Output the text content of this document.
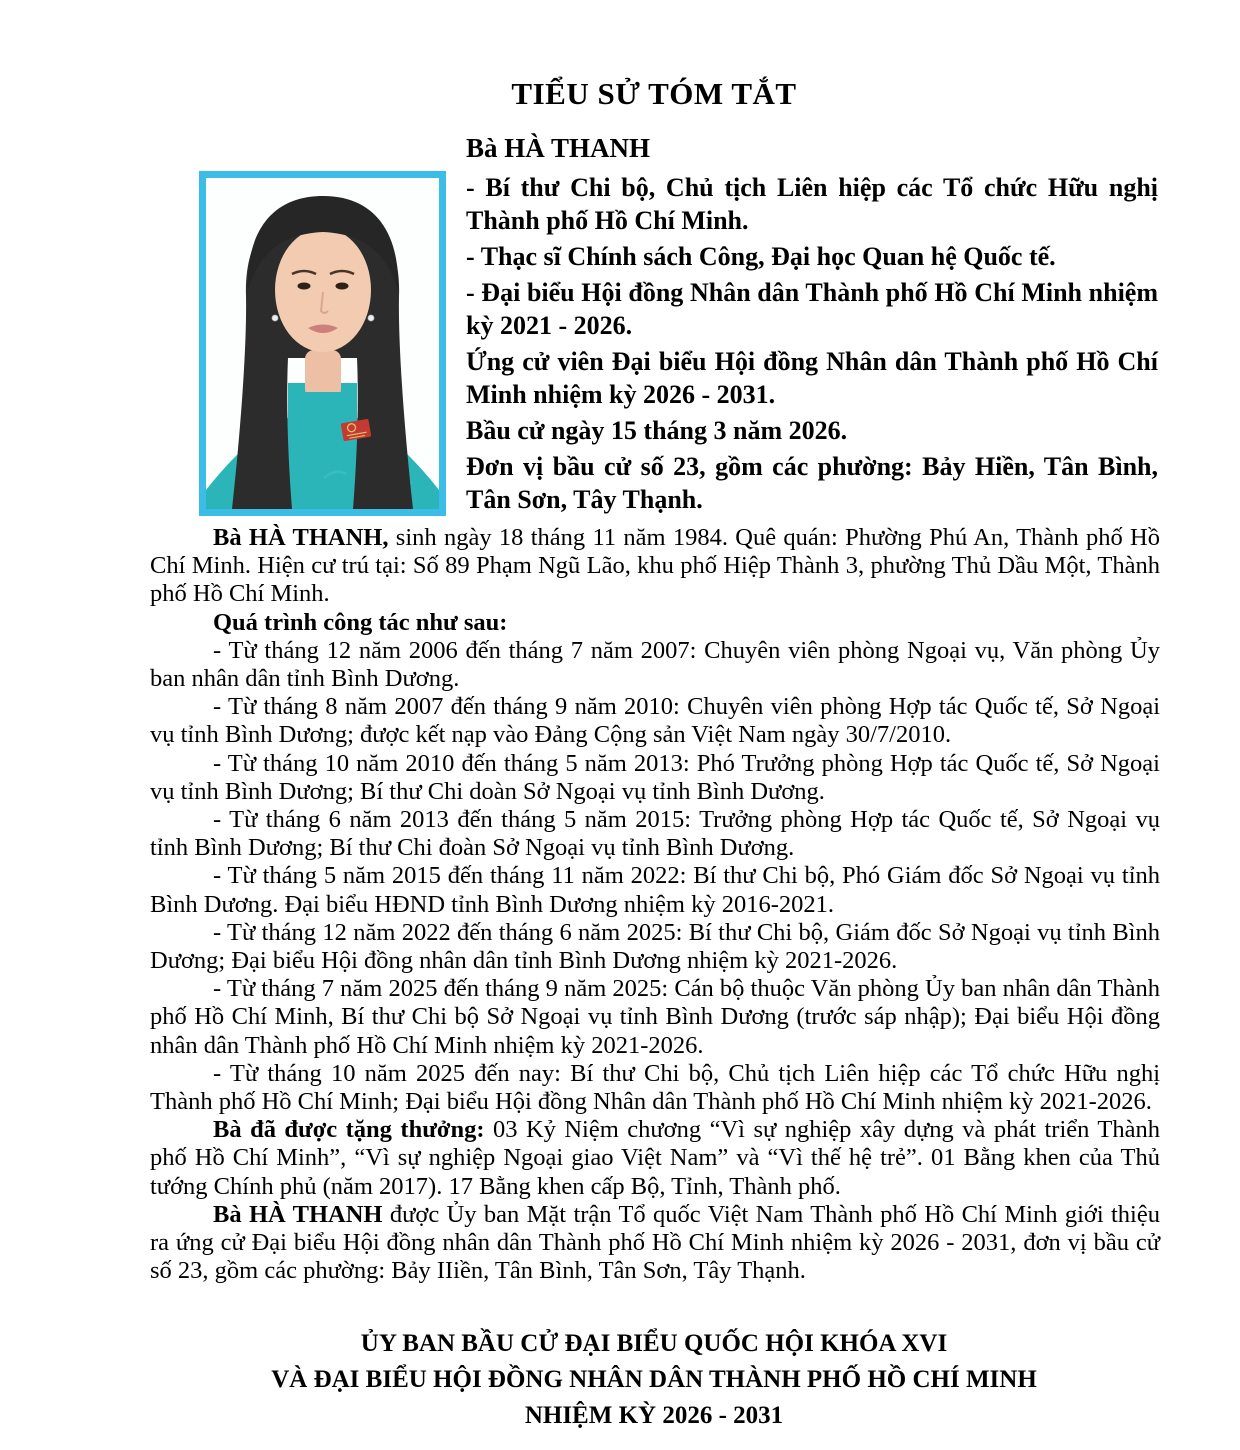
TIỂU SỬ TÓM TẮT

Bà HÀ THANH

- Bí thư Chi bộ, Chủ tịch Liên hiệp các Tổ chức Hữu nghị Thành phố Hồ Chí Minh.

- Thạc sĩ Chính sách Công, Đại học Quan hệ Quốc tế.

- Đại biểu Hội đồng Nhân dân Thành phố Hồ Chí Minh nhiệm kỳ 2021 - 2026.

Ứng cử viên Đại biểu Hội đồng Nhân dân Thành phố Hồ Chí Minh nhiệm kỳ 2026 - 2031.

Bầu cử ngày 15 tháng 3 năm 2026.

Đơn vị bầu cử số 23, gồm các phường: Bảy Hiền, Tân Bình, Tân Sơn, Tây Thạnh.

Bà HÀ THANH, sinh ngày 18 tháng 11 năm 1984. Quê quán: Phường Phú An, Thành phố Hồ Chí Minh. Hiện cư trú tại: Số 89 Phạm Ngũ Lão, khu phố Hiệp Thành 3, phường Thủ Dầu Một, Thành phố Hồ Chí Minh.

Quá trình công tác như sau:

- Từ tháng 12 năm 2006 đến tháng 7 năm 2007: Chuyên viên phòng Ngoại vụ, Văn phòng Ủy ban nhân dân tỉnh Bình Dương.

- Từ tháng 8 năm 2007 đến tháng 9 năm 2010: Chuyên viên phòng Hợp tác Quốc tế, Sở Ngoại vụ tỉnh Bình Dương; được kết nạp vào Đảng Cộng sản Việt Nam ngày 30/7/2010.

- Từ tháng 10 năm 2010 đến tháng 5 năm 2013: Phó Trưởng phòng Hợp tác Quốc tế, Sở Ngoại vụ tỉnh Bình Dương; Bí thư Chi doàn Sở Ngoại vụ tỉnh Bình Dương.

- Từ tháng 6 năm 2013 đến tháng 5 năm 2015: Trưởng phòng Hợp tác Quốc tế, Sở Ngoại vụ tỉnh Bình Dương; Bí thư Chi đoàn Sở Ngoại vụ tỉnh Bình Dương.

- Từ tháng 5 năm 2015 đến tháng 11 năm 2022: Bí thư Chi bộ, Phó Giám đốc Sở Ngoại vụ tỉnh Bình Dương. Đại biểu HĐND tỉnh Bình Dương nhiệm kỳ 2016-2021.

- Từ tháng 12 năm 2022 đến tháng 6 năm 2025: Bí thư Chi bộ, Giám đốc Sở Ngoại vụ tỉnh Bình Dương; Đại biểu Hội đồng nhân dân tỉnh Bình Dương nhiệm kỳ 2021-2026.

- Từ tháng 7 năm 2025 đến tháng 9 năm 2025: Cán bộ thuộc Văn phòng Ủy ban nhân dân Thành phố Hồ Chí Minh, Bí thư Chi bộ Sở Ngoại vụ tỉnh Bình Dương (trước sáp nhập); Đại biểu Hội đồng nhân dân Thành phố Hồ Chí Minh nhiệm kỳ 2021-2026.

- Từ tháng 10 năm 2025 đến nay: Bí thư Chi bộ, Chủ tịch Liên hiệp các Tổ chức Hữu nghị Thành phố Hồ Chí Minh; Đại biểu Hội đồng Nhân dân Thành phố Hồ Chí Minh nhiệm kỳ 2021-2026.

Bà đã được tặng thưởng: 03 Kỷ Niệm chương “Vì sự nghiệp xây dựng và phát triển Thành phố Hồ Chí Minh”, “Vì sự nghiệp Ngoại giao Việt Nam” và “Vì thế hệ trẻ”. 01 Bằng khen của Thủ tướng Chính phủ (năm 2017). 17 Bằng khen cấp Bộ, Tỉnh, Thành phố.

Bà HÀ THANH được Ủy ban Mặt trận Tổ quốc Việt Nam Thành phố Hồ Chí Minh giới thiệu ra ứng cử Đại biểu Hội đồng nhân dân Thành phố Hồ Chí Minh nhiệm kỳ 2026 - 2031, đơn vị bầu cử số 23, gồm các phường: Bảy IIiền, Tân Bình, Tân Sơn, Tây Thạnh.

ỦY BAN BẦU CỬ ĐẠI BIỂU QUỐC HỘI KHÓA XVI

VÀ ĐẠI BIỂU HỘI ĐỒNG NHÂN DÂN THÀNH PHỐ HỒ CHÍ MINH

NHIỆM KỲ 2026 - 2031
